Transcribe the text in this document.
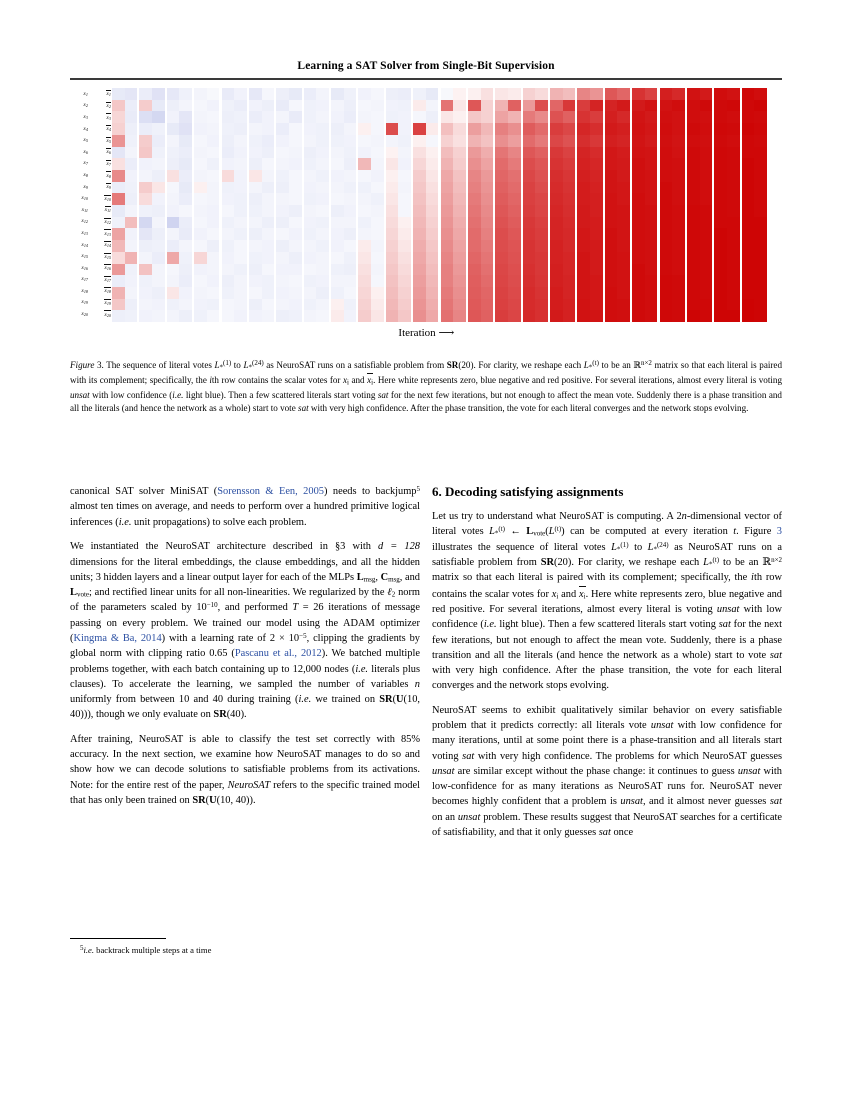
Learning a SAT Solver from Single-Bit Supervision
x1	x1
x2	x2
x3	x3
x4	x4
x5	x5
x6	x6
x7	x7
x8	x8
x9	x9
x10	x10
x11	x11
x12	x12
x13	x13
x14	x14
x15	x15
x16	x16
x17	x17
x18	x18
x19	x19
x20	x20
Iteration ⟶
Figure 3. The sequence of literal votes L*$^{(1)}$ to L*$^{(24)}$ as NeuroSAT runs on a satisfiable problem from SR(20). For clarity, we reshape each L*$^{(t)}$ to be an ℝ$^{n\times 2}$ matrix so that each literal is paired with its complement; specifically, the ith row contains the scalar votes for xi and xi. Here white represents zero, blue negative and red positive. For several iterations, almost every literal is voting unsat with low confidence (i.e. light blue). Then a few scattered literals start voting sat for the next few iterations, but not enough to affect the mean vote. Suddenly there is a phase transition and all the literals (and hence the network as a whole) start to vote sat with very high confidence. After the phase transition, the vote for each literal converges and the network stops evolving.

canonical SAT solver MiniSAT (Sorensson & Een, 2005) needs to backjump$^5$ almost ten times on average, and needs to perform over a hundred primitive logical inferences (i.e. unit propagations) to solve each problem.

We instantiated the NeuroSAT architecture described in §3 with d = 128 dimensions for the literal embeddings, the clause embeddings, and all the hidden units; 3 hidden layers and a linear output layer for each of the MLPs Lmsg, Cmsg, and Lvote; and rectified linear units for all non-linearities. We regularized by the ℓ2 norm of the parameters scaled by $10^{-10}$, and performed T = 26 iterations of message passing on every problem. We trained our model using the ADAM optimizer (Kingma & Ba, 2014) with a learning rate of $2 \times 10^{-5}$, clipping the gradients by global norm with clipping ratio 0.65 (Pascanu et al., 2012). We batched multiple problems together, with each batch containing up to 12,000 nodes (i.e. literals plus clauses). To accelerate the learning, we sampled the number of variables n uniformly from between 10 and 40 during training (i.e. we trained on SR(U(10, 40))), though we only evaluate on SR(40).

After training, NeuroSAT is able to classify the test set correctly with 85% accuracy. In the next section, we examine how NeuroSAT manages to do so and show how we can decode solutions to satisfiable problems from its activations. Note: for the entire rest of the paper, NeuroSAT refers to the specific trained model that has only been trained on SR(U(10, 40)).

$^5$i.e. backtrack multiple steps at a time

6. Decoding satisfying assignments

Let us try to understand what NeuroSAT is computing. A 2n-dimensional vector of literal votes L*$^{(t)}$ ← $Lvote(L^{(t)})$ can be computed at every iteration t. Figure 3 illustrates the sequence of literal votes L*$^{(1)}$ to L*$^{(24)}$ as NeuroSAT runs on a satisfiable problem from SR(20). For clarity, we reshape each L*$^{(t)}$ to be an ℝ$^{n\times 2}$ matrix so that each literal is paired with its complement; specifically, the ith row contains the scalar votes for xi and xi. Here white represents zero, blue negative and red positive. For several iterations, almost every literal is voting unsat with low confidence (i.e. light blue). Then a few scattered literals start voting sat for the next few iterations, but not enough to affect the mean vote. Suddenly, there is a phase transition and all the literals (and hence the network as a whole) start to vote sat with very high confidence. After the phase transition, the vote for each literal converges and the network stops evolving.

NeuroSAT seems to exhibit qualitatively similar behavior on every satisfiable problem that it predicts correctly: all literals vote unsat with low confidence for many iterations, until at some point there is a phase-transition and all literals start voting sat with very high confidence. The problems for which NeuroSAT guesses unsat are similar except without the phase change: it continues to guess unsat with low-confidence for as many iterations as NeuroSAT runs for. NeuroSAT never becomes highly confident that a problem is unsat, and it almost never guesses sat on an unsat problem. These results suggest that NeuroSAT searches for a certificate of satisfiability, and that it only guesses sat once
